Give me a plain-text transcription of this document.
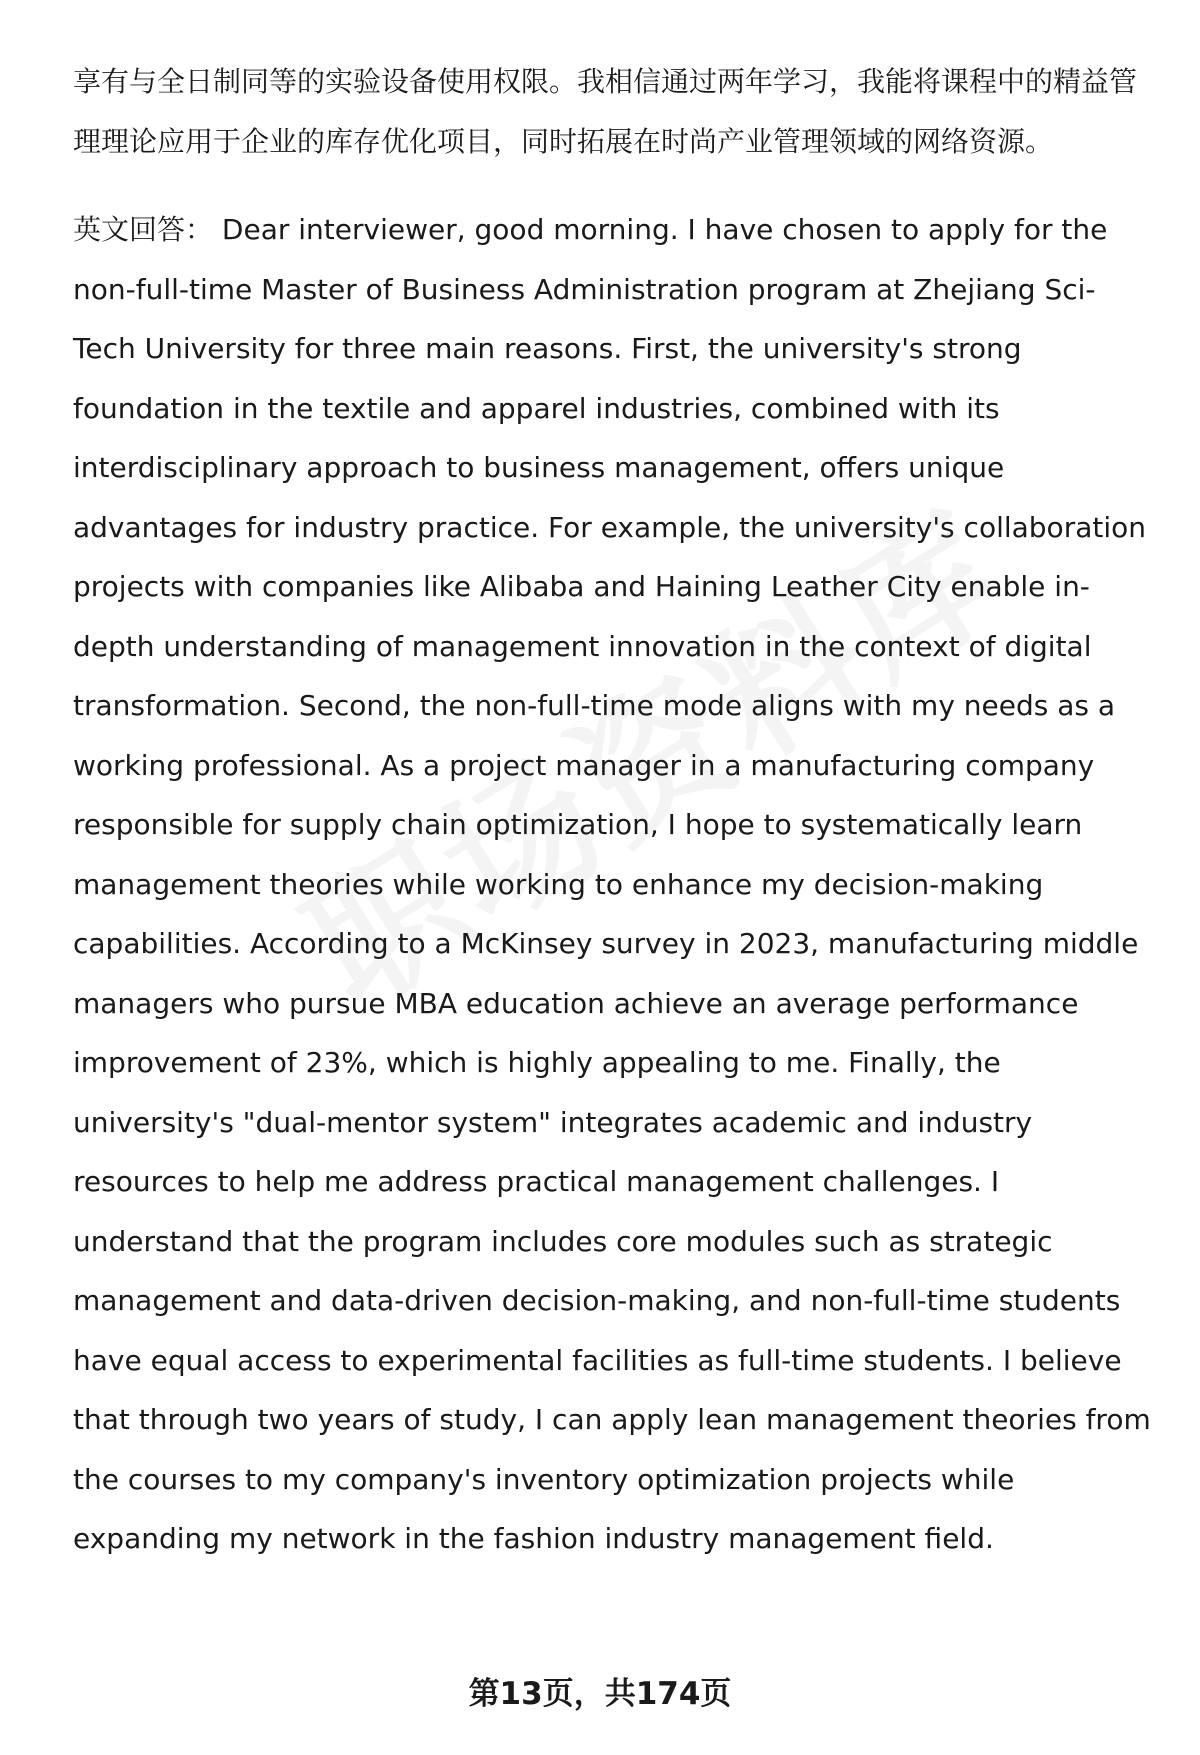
享有与全日制同等的实验设备使用权限。我相信通过两年学习，我能将课程中的精益管理理论应用于企业的库存优化项目，同时拓展在时尚产业管理领域的网络资源。

英文回答： Dear interviewer, good morning. I have chosen to apply for the non-full-time Master of Business Administration program at Zhejiang Sci-Tech University for three main reasons. First, the university's strong foundation in the textile and apparel industries, combined with its interdisciplinary approach to business management, offers unique advantages for industry practice. For example, the university's collaboration projects with companies like Alibaba and Haining Leather City enable in-depth understanding of management innovation in the context of digital transformation. Second, the non-full-time mode aligns with my needs as a working professional. As a project manager in a manufacturing company responsible for supply chain optimization, I hope to systematically learn management theories while working to enhance my decision-making capabilities. According to a McKinsey survey in 2023, manufacturing middle managers who pursue MBA education achieve an average performance improvement of 23%, which is highly appealing to me. Finally, the university's "dual-mentor system" integrates academic and industry resources to help me address practical management challenges. I understand that the program includes core modules such as strategic management and data-driven decision-making, and non-full-time students have equal access to experimental facilities as full-time students. I believe that through two years of study, I can apply lean management theories from the courses to my company's inventory optimization projects while expanding my network in the fashion industry management field.

第13页，共174页
